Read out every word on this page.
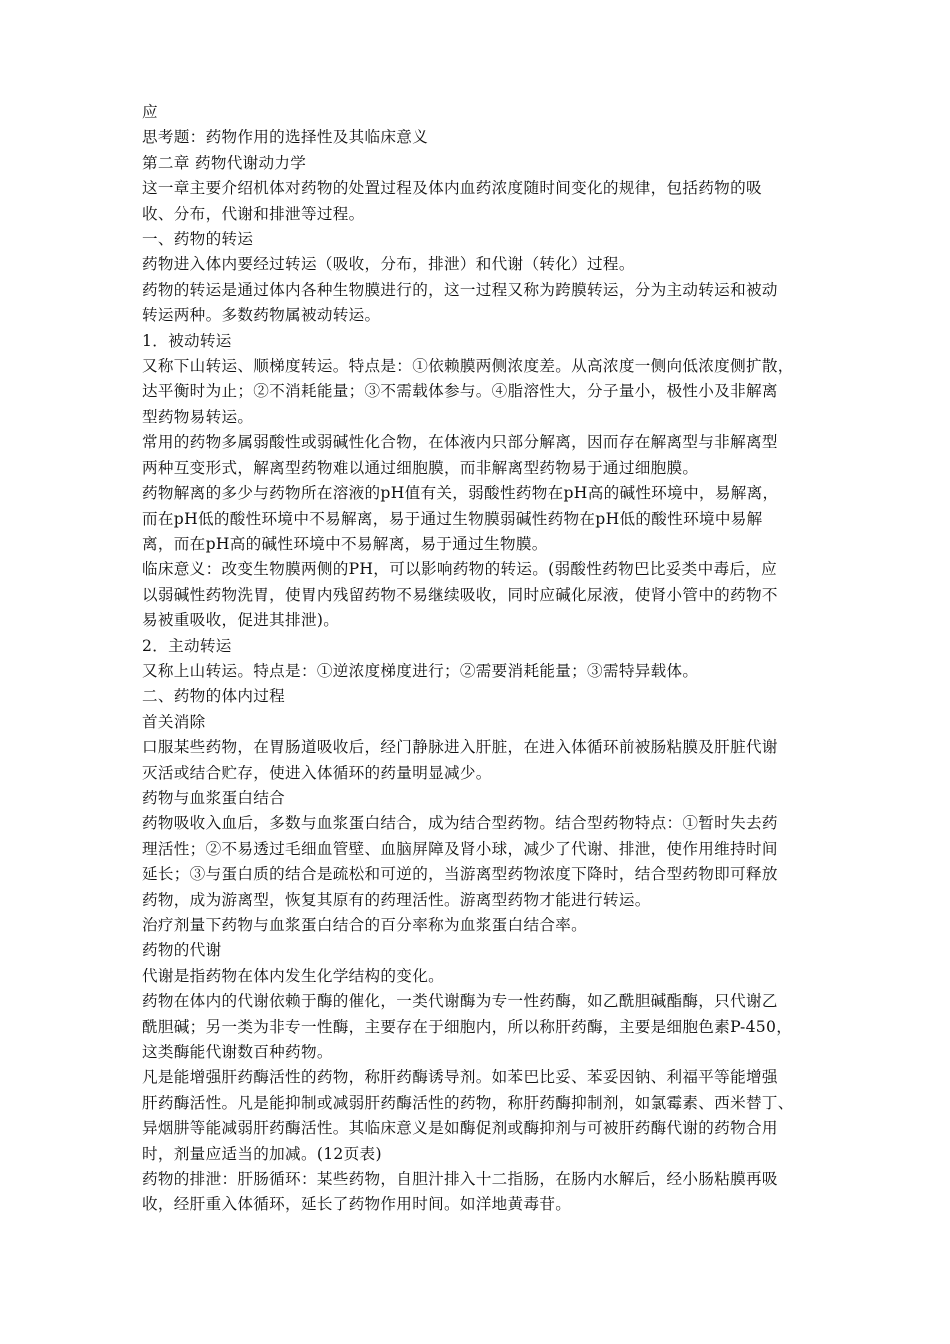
应
思考题：药物作用的选择性及其临床意义
第二章 药物代谢动力学
这一章主要介绍机体对药物的处置过程及体内血药浓度随时间变化的规律，包括药物的吸
收、分布，代谢和排泄等过程。
一、药物的转运
药物进入体内要经过转运（吸收，分布，排泄）和代谢（转化）过程。
药物的转运是通过体内各种生物膜进行的，这一过程又称为跨膜转运，分为主动转运和被动
转运两种。多数药物属被动转运。
1．被动转运
又称下山转运、顺梯度转运。特点是：①依赖膜两侧浓度差。从高浓度一侧向低浓度侧扩散，
达平衡时为止；②不消耗能量；③不需载体参与。④脂溶性大，分子量小，极性小及非解离
型药物易转运。
常用的药物多属弱酸性或弱碱性化合物，在体液内只部分解离，因而存在解离型与非解离型
两种互变形式，解离型药物难以通过细胞膜，而非解离型药物易于通过细胞膜。
药物解离的多少与药物所在溶液的pH值有关，弱酸性药物在pH高的碱性环境中，易解离，
而在pH低的酸性环境中不易解离，易于通过生物膜弱碱性药物在pH低的酸性环境中易解
离，而在pH高的碱性环境中不易解离，易于通过生物膜。
临床意义：改变生物膜两侧的PH，可以影响药物的转运。(弱酸性药物巴比妥类中毒后，应
以弱碱性药物洗胃，使胃内残留药物不易继续吸收，同时应碱化尿液，使肾小管中的药物不
易被重吸收，促进其排泄)。
2．主动转运
又称上山转运。特点是：①逆浓度梯度进行；②需要消耗能量；③需特异载体。
二、药物的体内过程
首关消除
口服某些药物，在胃肠道吸收后，经门静脉进入肝脏，在进入体循环前被肠粘膜及肝脏代谢
灭活或结合贮存，使进入体循环的药量明显减少。
药物与血浆蛋白结合
药物吸收入血后，多数与血浆蛋白结合，成为结合型药物。结合型药物特点：①暂时失去药
理活性；②不易透过毛细血管壁、血脑屏障及肾小球，减少了代谢、排泄，使作用维持时间
延长；③与蛋白质的结合是疏松和可逆的，当游离型药物浓度下降时，结合型药物即可释放
药物，成为游离型，恢复其原有的药理活性。游离型药物才能进行转运。
治疗剂量下药物与血浆蛋白结合的百分率称为血浆蛋白结合率。
药物的代谢
代谢是指药物在体内发生化学结构的变化。
药物在体内的代谢依赖于酶的催化，一类代谢酶为专一性药酶，如乙酰胆碱酯酶，只代谢乙
酰胆碱；另一类为非专一性酶，主要存在于细胞内，所以称肝药酶，主要是细胞色素P-450，
这类酶能代谢数百种药物。
凡是能增强肝药酶活性的药物，称肝药酶诱导剂。如苯巴比妥、苯妥因钠、利福平等能增强
肝药酶活性。凡是能抑制或减弱肝药酶活性的药物，称肝药酶抑制剂，如氯霉素、西米替丁、
异烟肼等能减弱肝药酶活性。其临床意义是如酶促剂或酶抑剂与可被肝药酶代谢的药物合用
时，剂量应适当的加减。(12页表)
药物的排泄：肝肠循环：某些药物，自胆汁排入十二指肠，在肠内水解后，经小肠粘膜再吸
收，经肝重入体循环，延长了药物作用时间。如洋地黄毒苷。
